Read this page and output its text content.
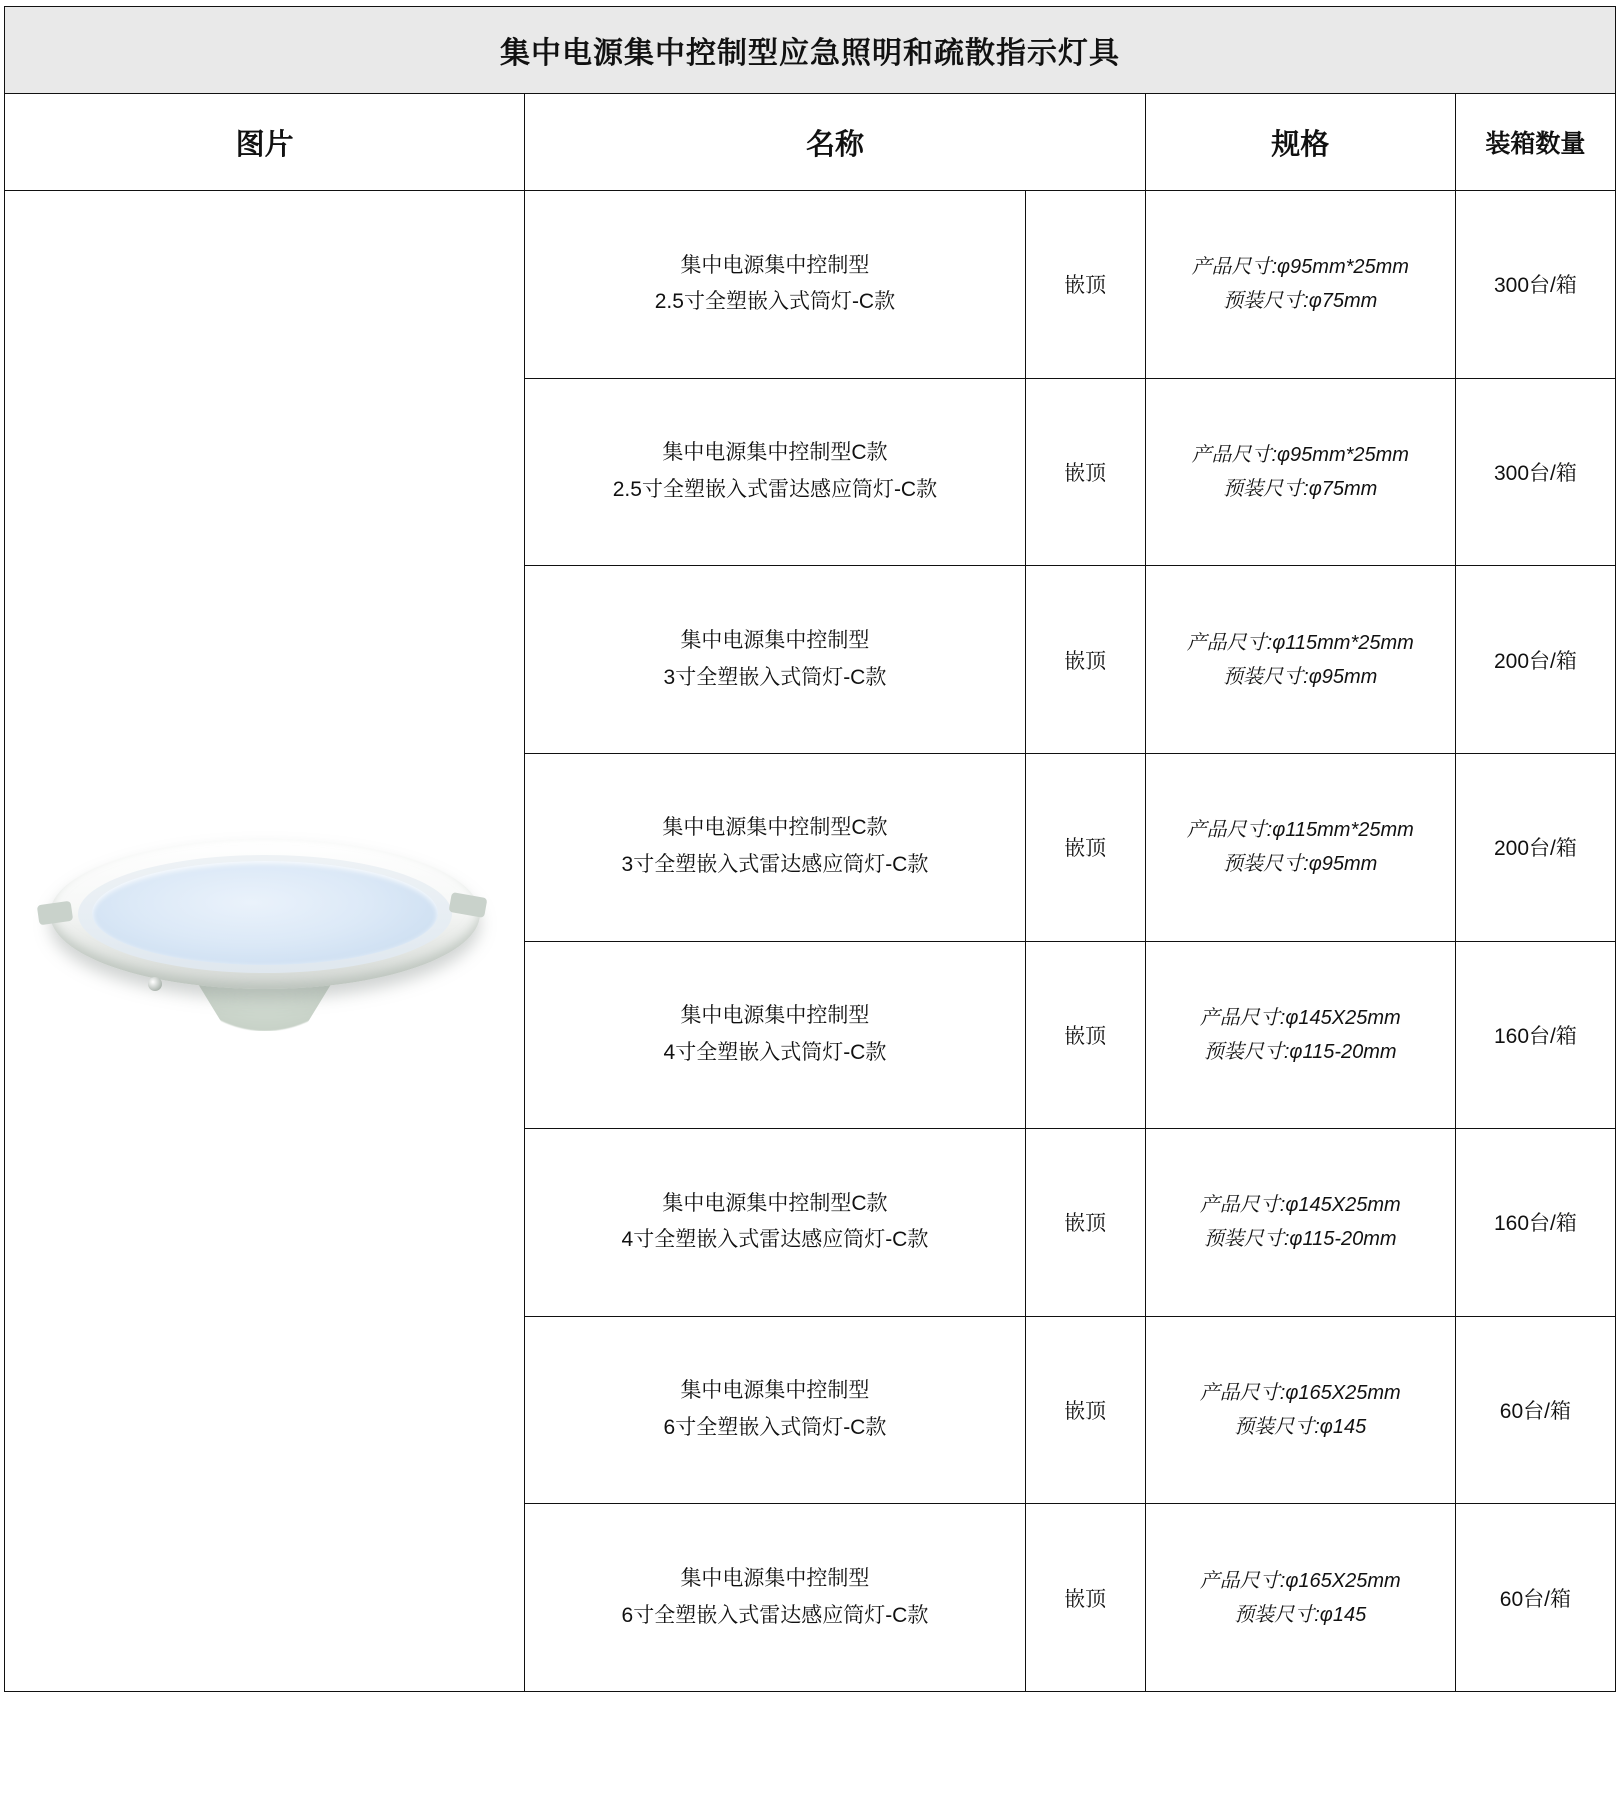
集中电源集中控制型应急照明和疏散指示灯具				
图片	名称		规格	装箱数量

	集中电源集中控制型
2.5寸全塑嵌入式筒灯-C款	嵌顶	产品尺寸:φ95mm*25mm
预装尺寸:φ75mm	300台/箱

	集中电源集中控制型C款
2.5寸全塑嵌入式雷达感应筒灯-C款	嵌顶	产品尺寸:φ95mm*25mm
预装尺寸:φ75mm	300台/箱

	集中电源集中控制型
3寸全塑嵌入式筒灯-C款	嵌顶	产品尺寸:φ115mm*25mm
预装尺寸:φ95mm	200台/箱

	集中电源集中控制型C款
3寸全塑嵌入式雷达感应筒灯-C款	嵌顶	产品尺寸:φ115mm*25mm
预装尺寸:φ95mm	200台/箱

	集中电源集中控制型
4寸全塑嵌入式筒灯-C款	嵌顶	产品尺寸:φ145X25mm
预装尺寸:φ115-20mm	160台/箱

	集中电源集中控制型C款
4寸全塑嵌入式雷达感应筒灯-C款	嵌顶	产品尺寸:φ145X25mm
预装尺寸:φ115-20mm	160台/箱

	集中电源集中控制型
6寸全塑嵌入式筒灯-C款	嵌顶	产品尺寸:φ165X25mm
预装尺寸:φ145	60台/箱

	集中电源集中控制型
6寸全塑嵌入式雷达感应筒灯-C款	嵌顶	产品尺寸:φ165X25mm
预装尺寸:φ145	60台/箱
